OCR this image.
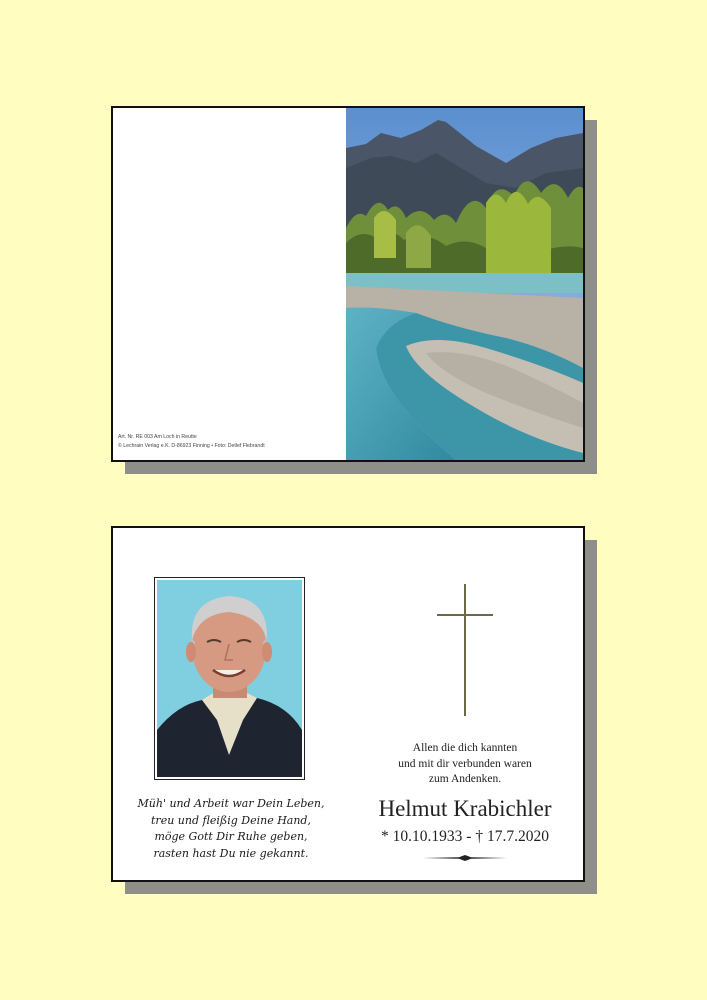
Art. Nr. RE 003 Am Loch in Reutte
© Lechrain Verlag e.K. D-86923 Finning • Foto: Detlef Flebrandt
Müh' und Arbeit war Dein Leben,
treu und fleißig Deine Hand,
möge Gott Dir Ruhe geben,
rasten hast Du nie gekannt.
Allen die dich kannten
und mit dir verbunden waren
zum Andenken.
Helmut Krabichler
* 10.10.1933 - † 17.7.2020
